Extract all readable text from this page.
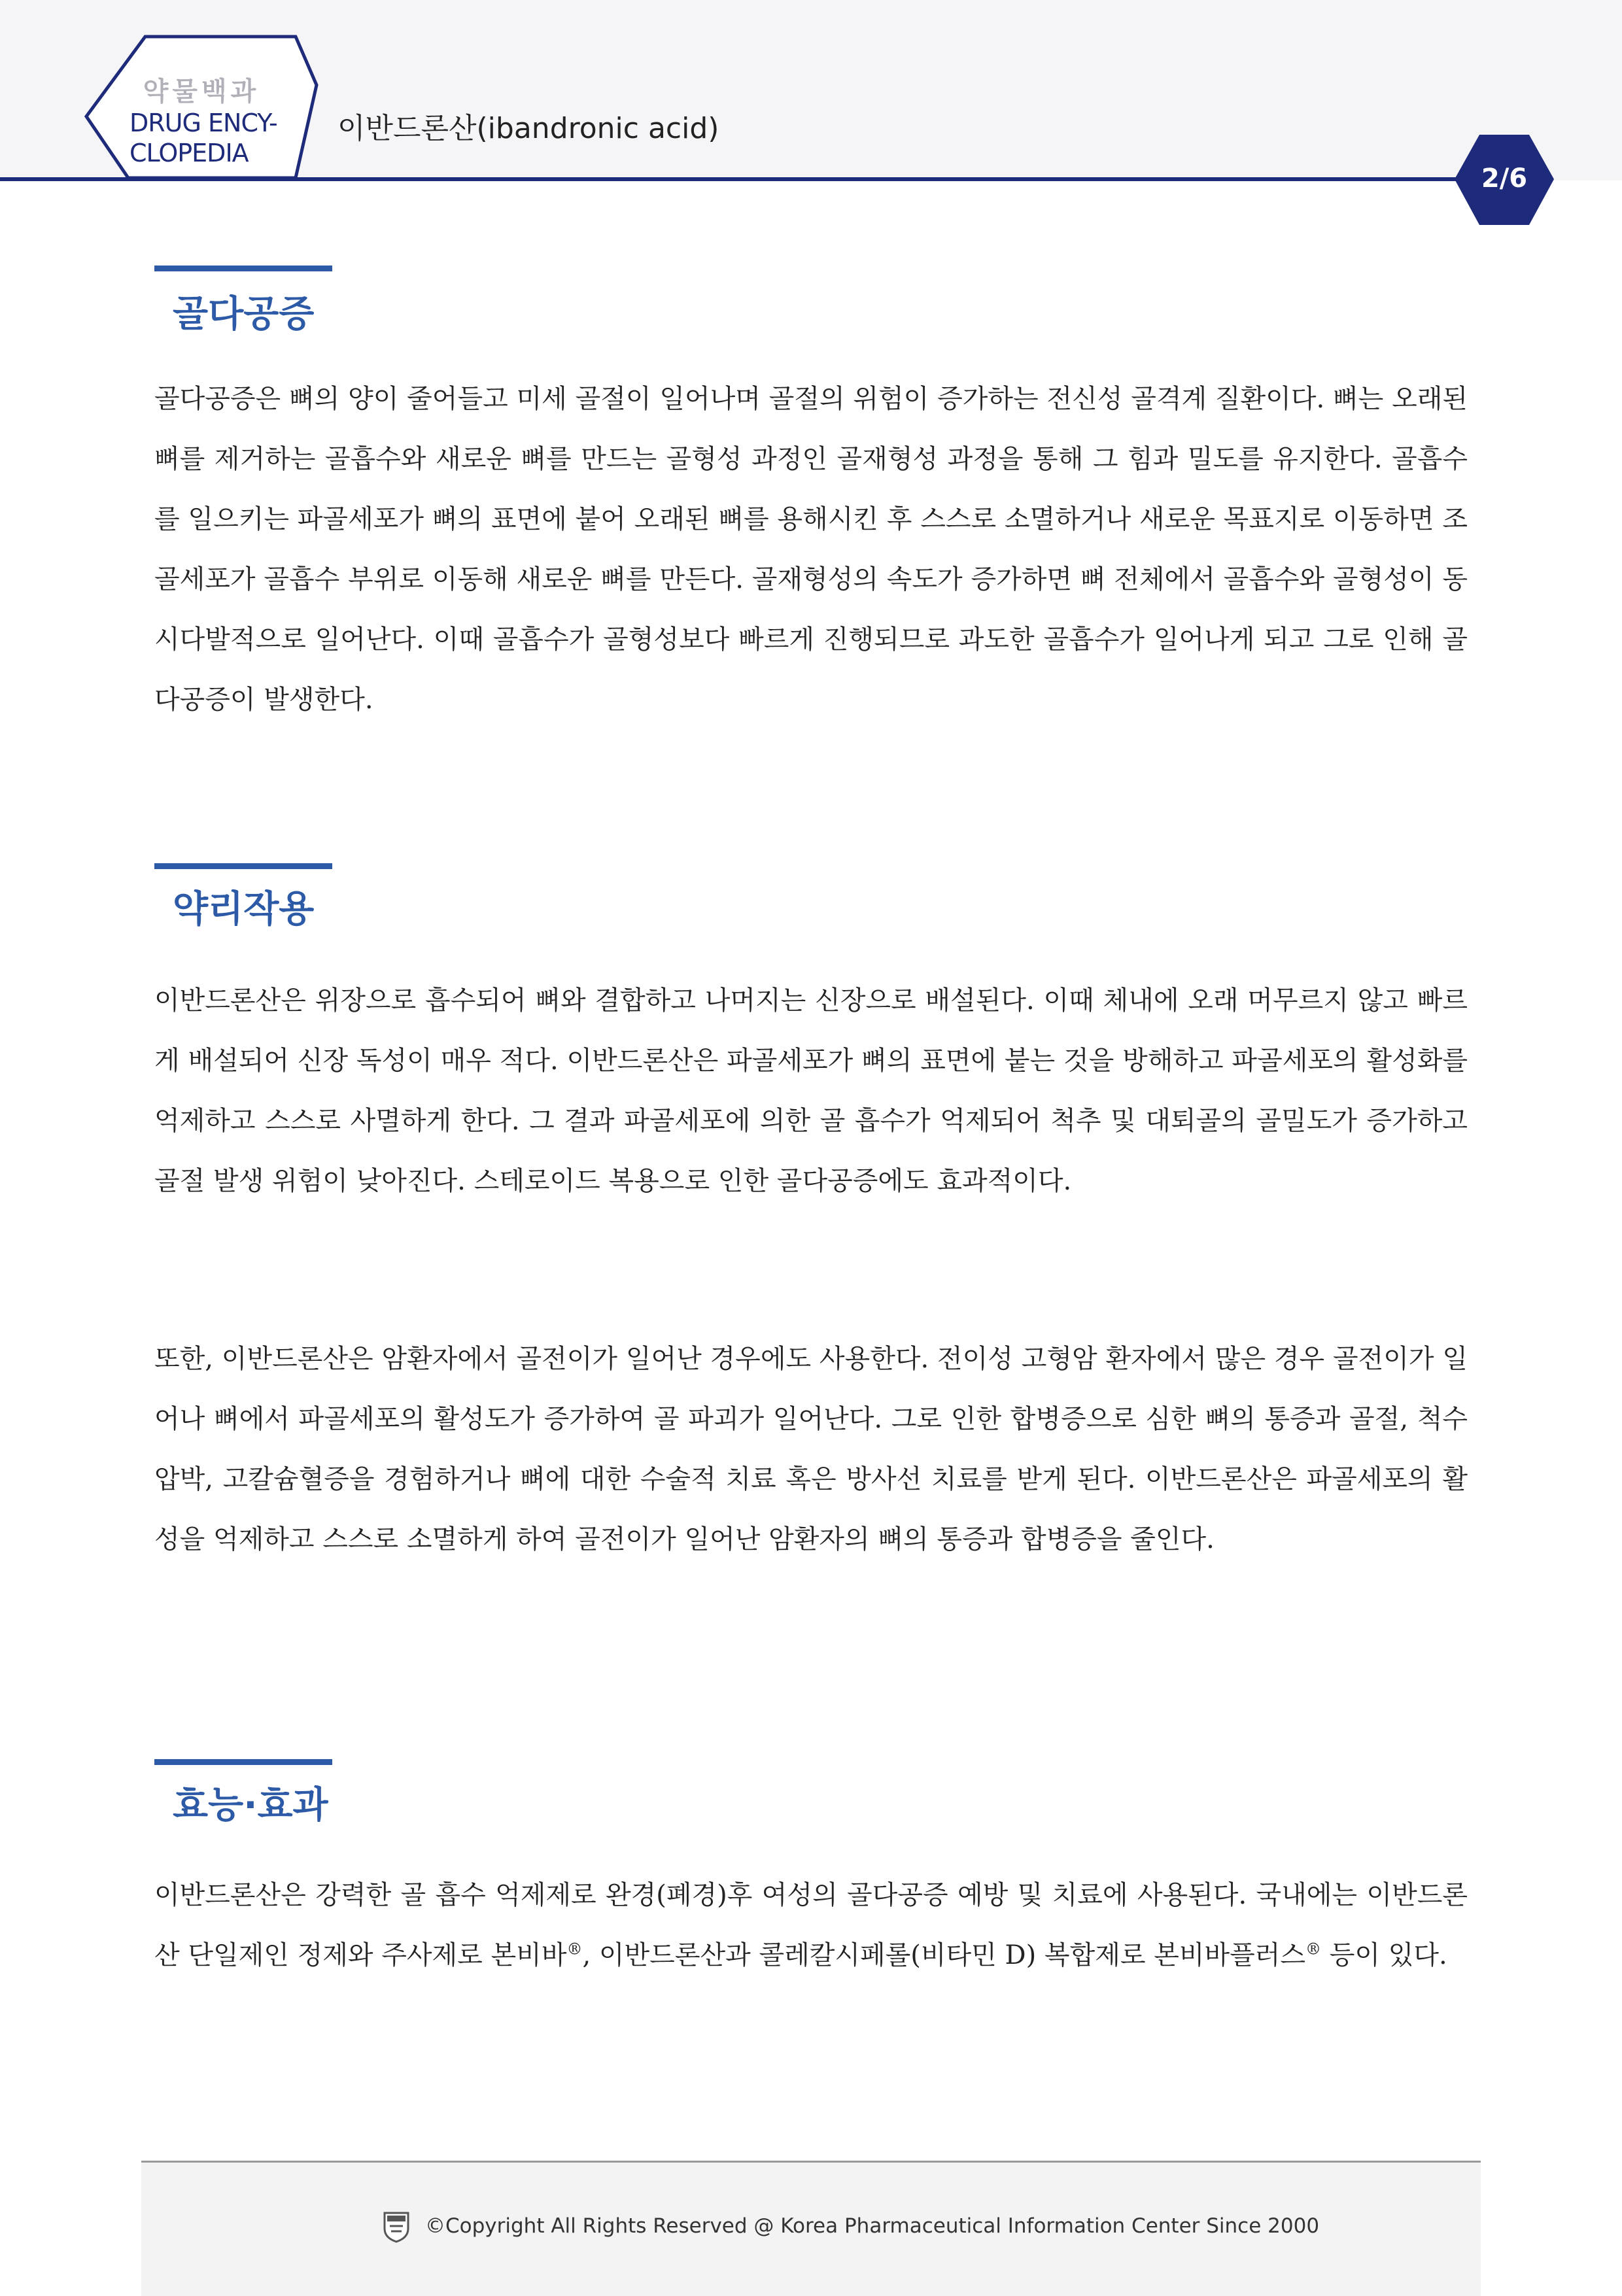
약물백과
DRUG ENCY-
CLOPEDIA
이반드론산(ibandronic acid)
2/6
골다공증

골다공증은 뼈의 양이 줄어들고 미세 골절이 일어나며 골절의 위험이 증가하는 전신성 골격계 질환이다. 뼈는 오래된 뼈를 제거하는 골흡수와 새로운 뼈를 만드는 골형성 과정인 골재형성 과정을 통해 그 힘과 밀도를 유지한다. 골흡수를 일으키는 파골세포가 뼈의 표면에 붙어 오래된 뼈를 용해시킨 후 스스로 소멸하거나 새로운 목표지로 이동하면 조골세포가 골흡수 부위로 이동해 새로운 뼈를 만든다. 골재형성의 속도가 증가하면 뼈 전체에서 골흡수와 골형성이 동시다발적으로 일어난다. 이때 골흡수가 골형성보다 빠르게 진행되므로 과도한 골흡수가 일어나게 되고 그로 인해 골다공증이 발생한다.

약리작용

이반드론산은 위장으로 흡수되어 뼈와 결합하고 나머지는 신장으로 배설된다. 이때 체내에 오래 머무르지 않고 빠르게 배설되어 신장 독성이 매우 적다. 이반드론산은 파골세포가 뼈의 표면에 붙는 것을 방해하고 파골세포의 활성화를 억제하고 스스로 사멸하게 한다. 그 결과 파골세포에 의한 골 흡수가 억제되어 척추 및 대퇴골의 골밀도가 증가하고 골절 발생 위험이 낮아진다. 스테로이드 복용으로 인한 골다공증에도 효과적이다.

또한, 이반드론산은 암환자에서 골전이가 일어난 경우에도 사용한다. 전이성 고형암 환자에서 많은 경우 골전이가 일어나 뼈에서 파골세포의 활성도가 증가하여 골 파괴가 일어난다. 그로 인한 합병증으로 심한 뼈의 통증과 골절, 척수 압박, 고칼슘혈증을 경험하거나 뼈에 대한 수술적 치료 혹은 방사선 치료를 받게 된다. 이반드론산은 파골세포의 활성을 억제하고 스스로 소멸하게 하여 골전이가 일어난 암환자의 뼈의 통증과 합병증을 줄인다.

효능·효과

이반드론산은 강력한 골 흡수 억제제로 완경(폐경)후 여성의 골다공증 예방 및 치료에 사용된다. 국내에는 이반드론산 단일제인 정제와 주사제로 본비바®, 이반드론산과 콜레칼시페롤(비타민 D) 복합제로 본비바플러스® 등이 있다.

©Copyright All Rights Reserved @ Korea Pharmaceutical Information Center Since 2000
